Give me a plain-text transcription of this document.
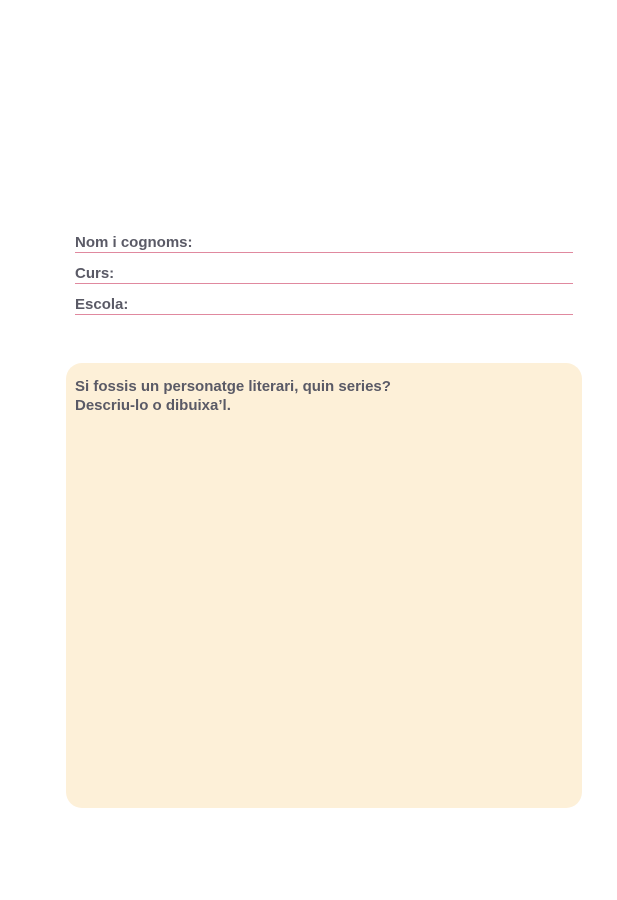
Nom i cognoms:
Curs:
Escola:
Si fossis un personatge literari, quin series?
Descriu-lo o dibuixa’l.
